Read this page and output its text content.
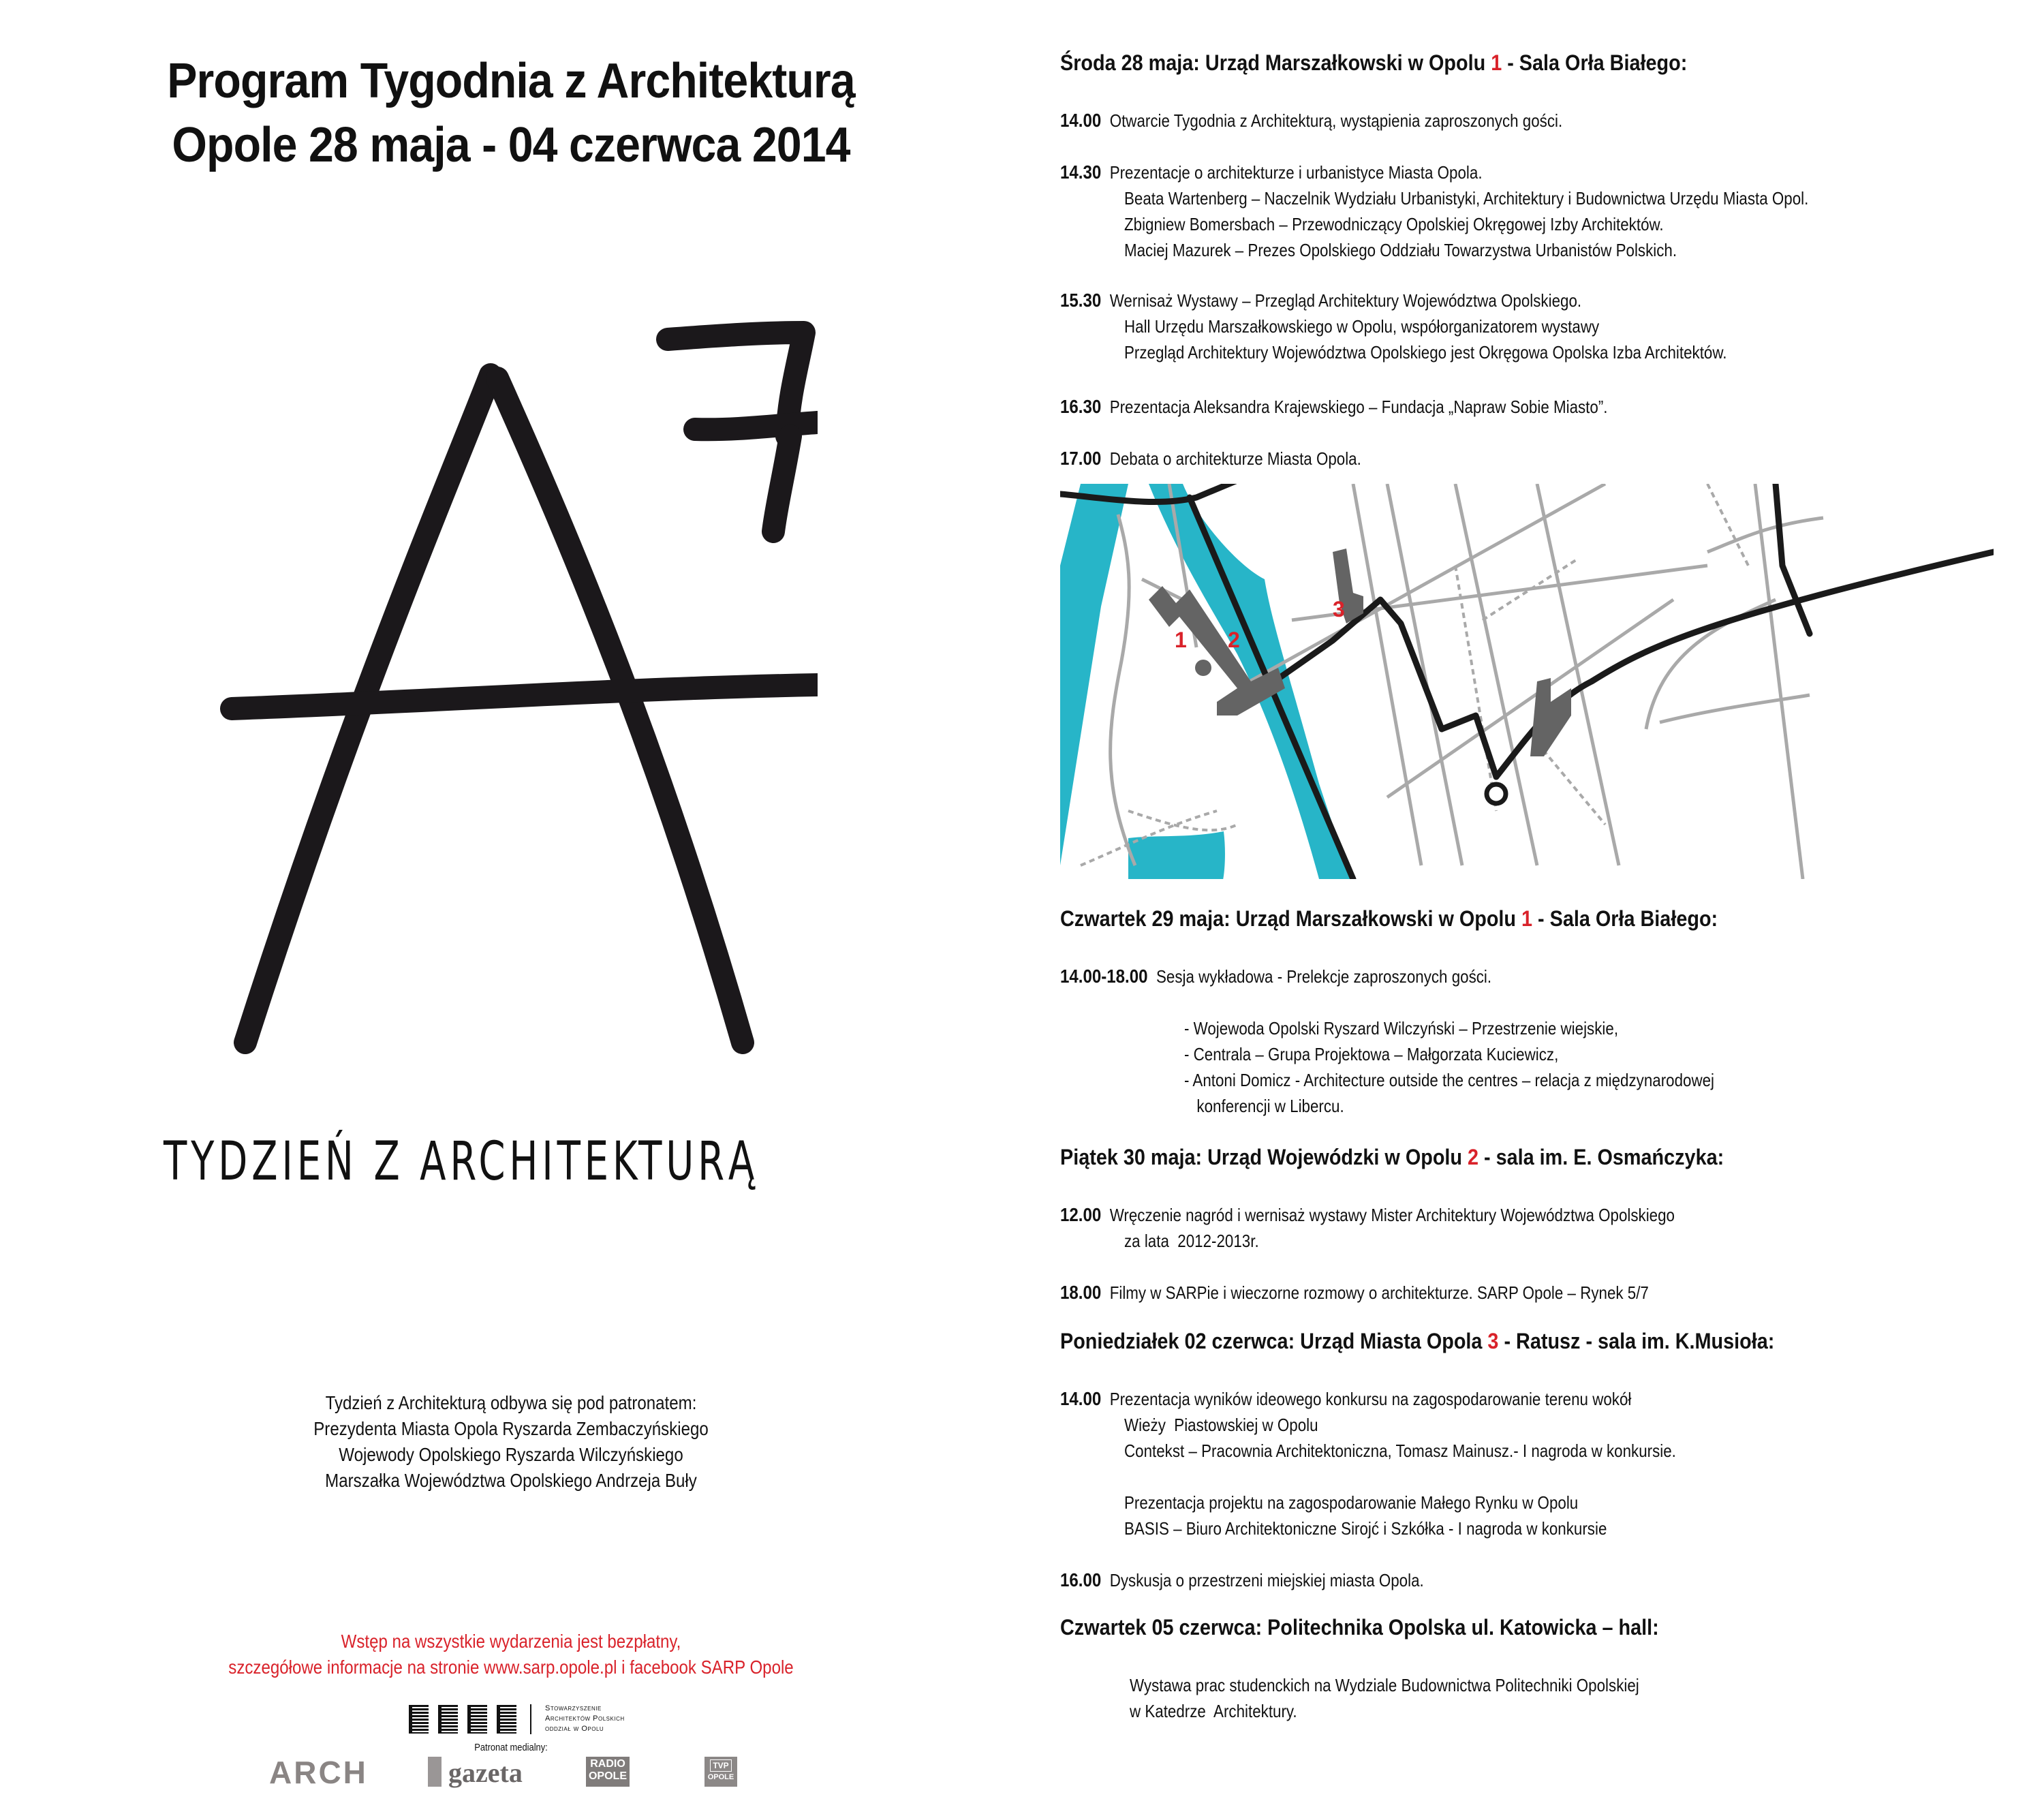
Program Tygodnia z Architekturą
Opole 28 maja - 04 czerwca 2014
TYDZIEŃ Z ARCHITEKTURĄ
Tydzień z Architekturą odbywa się pod patronatem:
Prezydenta Miasta Opola Ryszarda Zembaczyńskiego
Wojewody Opolskiego Ryszarda Wilczyńskiego
Marszałka Województwa Opolskiego Andrzeja Buły
Wstęp na wszystkie wydarzenia jest bezpłatny,
szczegółowe informacje na stronie www.sarp.opole.pl i facebook SARP Opole
Stowarzyszenie
Architektów Polskich
oddział w Opolu
Patronat medialny:
ARCH	gazeta	RADIO
OPOLE
TVP
OPOLE
Środa 28 maja: Urząd Marszałkowski w Opolu 1 - Sala Orła Białego:
14.00 Otwarcie Tygodnia z Architekturą, wystąpienia zaproszonych gości.
14.30 Prezentacje o architekturze i urbanistyce Miasta Opola.
Beata Wartenberg – Naczelnik Wydziału Urbanistyki, Architektury i Budownictwa Urzędu Miasta Opol.
Zbigniew Bomersbach – Przewodniczący Opolskiej Okręgowej Izby Architektów.
Maciej Mazurek – Prezes Opolskiego Oddziału Towarzystwa Urbanistów Polskich.
15.30 Wernisaż Wystawy – Przegląd Architektury Województwa Opolskiego.
Hall Urzędu Marszałkowskiego w Opolu, współorganizatorem wystawy
Przegląd Architektury Województwa Opolskiego jest Okręgowa Opolska Izba Architektów.
16.30 Prezentacja Aleksandra Krajewskiego – Fundacja „Napraw Sobie Miasto”.
17.00 Debata o architekturze Miasta Opola.
1 2
3
Czwartek 29 maja: Urząd Marszałkowski w Opolu 1 - Sala Orła Białego:
14.00-18.00 Sesja wykładowa - Prelekcje zaproszonych gości.
- Wojewoda Opolski Ryszard Wilczyński – Przestrzenie wiejskie,
- Centrala – Grupa Projektowa – Małgorzata Kuciewicz,
- Antoni Domicz - Architecture outside the centres – relacja z międzynarodowej
konferencji w Libercu.
Piątek 30 maja: Urząd Wojewódzki w Opolu 2 - sala im. E. Osmańczyka:
12.00 Wręczenie nagród i wernisaż wystawy Mister Architektury Województwa Opolskiego
za lata  2012-2013r.
18.00 Filmy w SARPie i wieczorne rozmowy o architekturze. SARP Opole – Rynek 5/7
Poniedziałek 02 czerwca: Urząd Miasta Opola 3 - Ratusz - sala im. K.Musioła:
14.00 Prezentacja wyników ideowego konkursu na zagospodarowanie terenu wokół
Wieży  Piastowskiej w Opolu
Contekst – Pracownia Architektoniczna, Tomasz Mainusz.- I nagroda w konkursie.
Prezentacja projektu na zagospodarowanie Małego Rynku w Opolu
BASIS – Biuro Architektoniczne Sirojć i Szkółka - I nagroda w konkursie
16.00 Dyskusja o przestrzeni miejskiej miasta Opola.
Czwartek 05 czerwca: Politechnika Opolska ul. Katowicka – hall:
Wystawa prac studenckich na Wydziale Budownictwa Politechniki Opolskiej
w Katedrze  Architektury.
